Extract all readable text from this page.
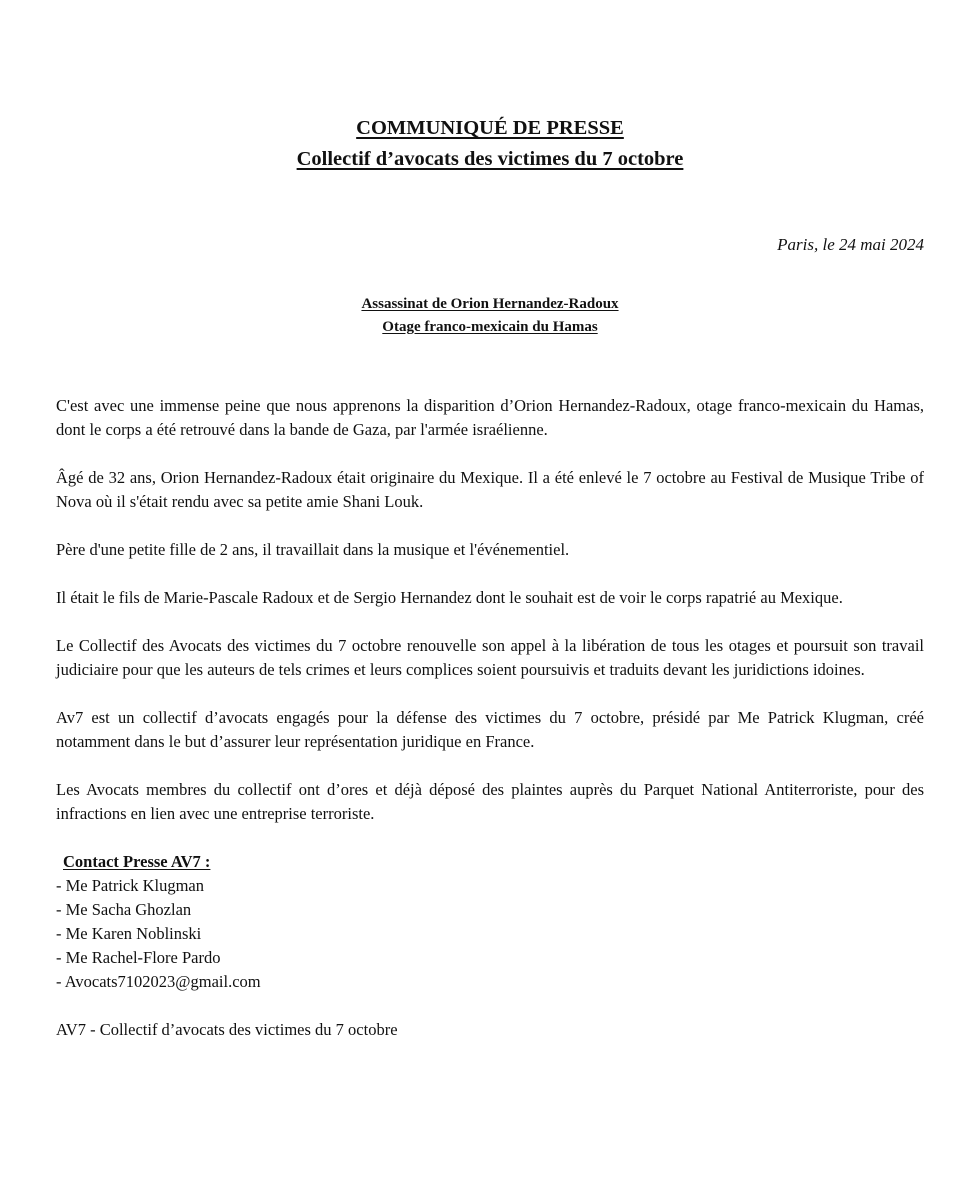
COMMUNIQUÉ DE PRESSE
Collectif d’avocats des victimes du 7 octobre
Paris, le 24 mai 2024
Assassinat de Orion Hernandez-Radoux
Otage franco-mexicain du Hamas

C'est avec une immense peine que nous apprenons la disparition d’Orion Hernandez-Radoux, otage franco-mexicain du Hamas, dont le corps a été retrouvé dans la bande de Gaza, par l'armée israélienne.

Âgé de 32 ans, Orion Hernandez-Radoux était originaire du Mexique. Il a été enlevé le 7 octobre au Festival de Musique Tribe of Nova où il s'était rendu avec sa petite amie Shani Louk.

Père d'une petite fille de 2 ans, il travaillait dans la musique et l'événementiel.

Il était le fils de Marie-Pascale Radoux et de Sergio Hernandez dont le souhait est de voir le corps rapatrié au Mexique.

Le Collectif des Avocats des victimes du 7 octobre renouvelle son appel à la libération de tous les otages et poursuit son travail judiciaire pour que les auteurs de tels crimes et leurs complices soient poursuivis et traduits devant les juridictions idoines.

Av7 est un collectif d’avocats engagés pour la défense des victimes du 7 octobre, présidé par Me Patrick Klugman, créé notamment dans le but d’assurer leur représentation juridique en France.

Les Avocats membres du collectif ont d’ores et déjà déposé des plaintes auprès du Parquet National Antiterroriste, pour des infractions en lien avec une entreprise terroriste.

Contact Presse AV7 :
- Me Patrick Klugman
- Me Sacha Ghozlan
- Me Karen Noblinski
- Me Rachel-Flore Pardo
- Avocats7102023@gmail.com
AV7 - Collectif d’avocats des victimes du 7 octobre
